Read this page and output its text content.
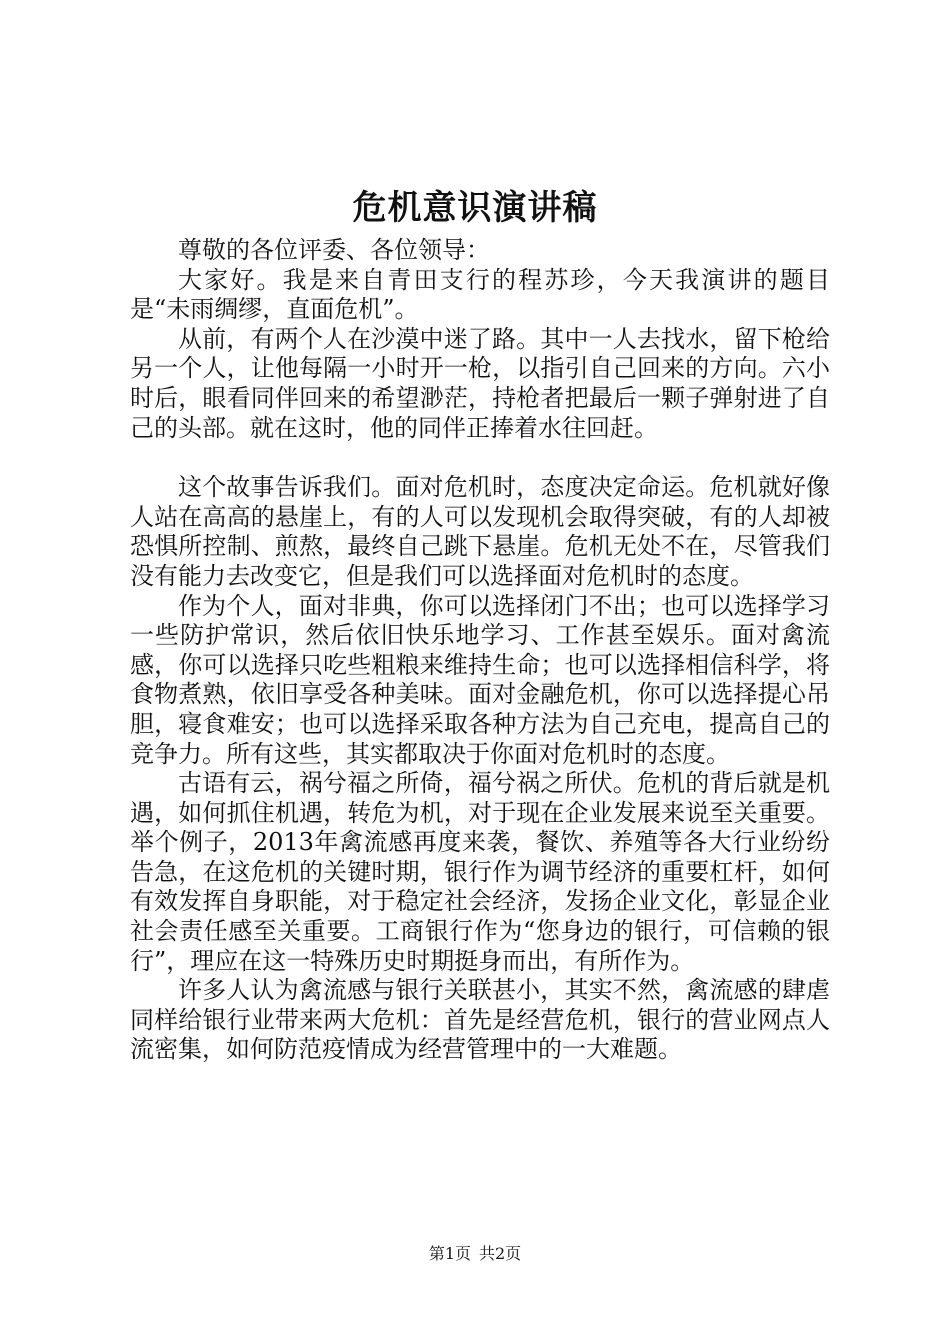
危机意识演讲稿

尊敬的各位评委、各位领导：

大家好。我是来自青田支行的程苏珍，今天我演讲的题目是“未雨绸缪，直面危机”。

从前，有两个人在沙漠中迷了路。其中一人去找水，留下枪给另一个人，让他每隔一小时开一枪，以指引自己回来的方向。六小时后，眼看同伴回来的希望渺茫，持枪者把最后一颗子弹射进了自己的头部。就在这时，他的同伴正捧着水往回赶。

这个故事告诉我们。面对危机时，态度决定命运。危机就好像人站在高高的悬崖上，有的人可以发现机会取得突破，有的人却被恐惧所控制、煎熬，最终自己跳下悬崖。危机无处不在，尽管我们没有能力去改变它，但是我们可以选择面对危机时的态度。

作为个人，面对非典，你可以选择闭门不出；也可以选择学习一些防护常识，然后依旧快乐地学习、工作甚至娱乐。面对禽流感，你可以选择只吃些粗粮来维持生命；也可以选择相信科学，将食物煮熟，依旧享受各种美味。面对金融危机，你可以选择提心吊胆，寝食难安；也可以选择采取各种方法为自己充电，提高自己的竞争力。所有这些，其实都取决于你面对危机时的态度。

古语有云，祸兮福之所倚，福兮祸之所伏。危机的背后就是机遇，如何抓住机遇，转危为机，对于现在企业发展来说至关重要。举个例子，2013年禽流感再度来袭，餐饮、养殖等各大行业纷纷告急，在这危机的关键时期，银行作为调节经济的重要杠杆，如何有效发挥自身职能，对于稳定社会经济，发扬企业文化，彰显企业社会责任感至关重要。工商银行作为“您身边的银行，可信赖的银行”，理应在这一特殊历史时期挺身而出，有所作为。

许多人认为禽流感与银行关联甚小，其实不然，禽流感的肆虐同样给银行业带来两大危机：首先是经营危机，银行的营业网点人流密集，如何防范疫情成为经营管理中的一大难题。

第1页 共2页
